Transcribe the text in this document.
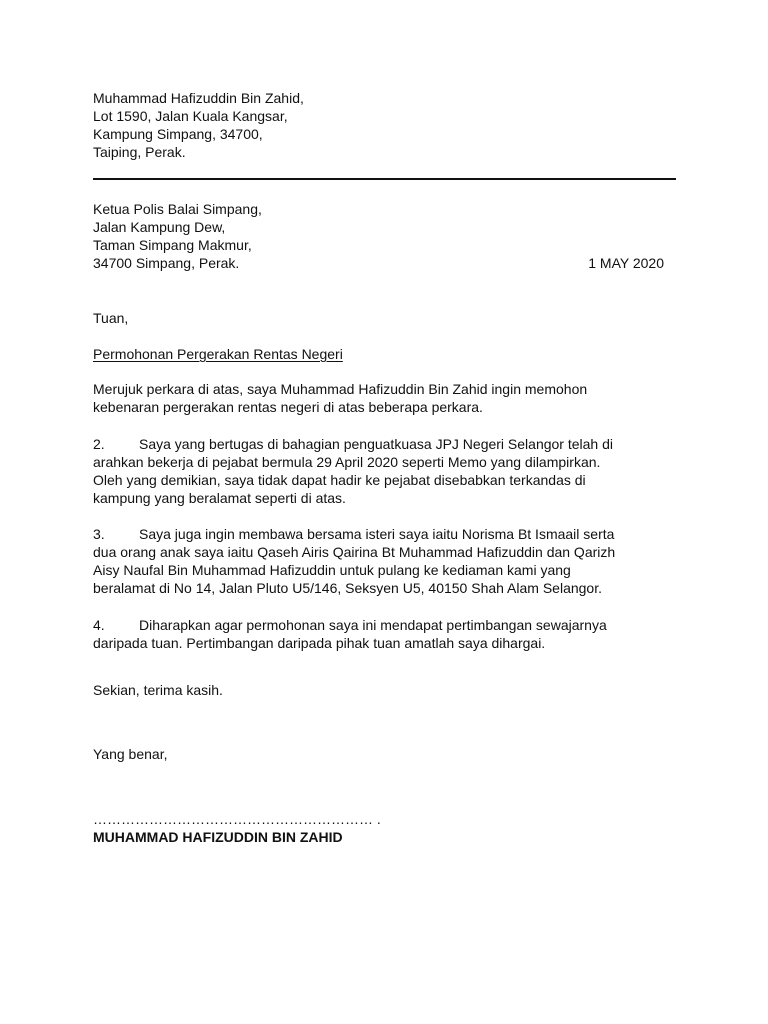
Muhammad Hafizuddin Bin Zahid,
Lot 1590, Jalan Kuala Kangsar,
Kampung Simpang, 34700,
Taiping, Perak.
Ketua Polis Balai Simpang,
Jalan Kampung Dew,
Taman Simpang Makmur,
34700 Simpang, Perak.	1 MAY 2020
Tuan,
Permohonan Pergerakan Rentas Negeri
Merujuk perkara di atas, saya Muhammad Hafizuddin Bin Zahid ingin memohon
kebenaran pergerakan rentas negeri di atas beberapa perkara.
2. Saya yang bertugas di bahagian penguatkuasa JPJ Negeri Selangor telah di
arahkan bekerja di pejabat bermula 29 April 2020 seperti Memo yang dilampirkan.
Oleh yang demikian, saya tidak dapat hadir ke pejabat disebabkan terkandas di
kampung yang beralamat seperti di atas.
3. Saya juga ingin membawa bersama isteri saya iaitu Norisma Bt Ismaail serta
dua orang anak saya iaitu Qaseh Airis Qairina Bt Muhammad Hafizuddin dan Qarizh
Aisy Naufal Bin Muhammad Hafizuddin untuk pulang ke kediaman kami yang
beralamat di No 14, Jalan Pluto U5/146, Seksyen U5, 40150 Shah Alam Selangor.
4. Diharapkan agar permohonan saya ini mendapat pertimbangan sewajarnya
daripada tuan. Pertimbangan daripada pihak tuan amatlah saya dihargai.
Sekian, terima kasih.
Yang benar,
…………………………………………………… .
MUHAMMAD HAFIZUDDIN BIN ZAHID
